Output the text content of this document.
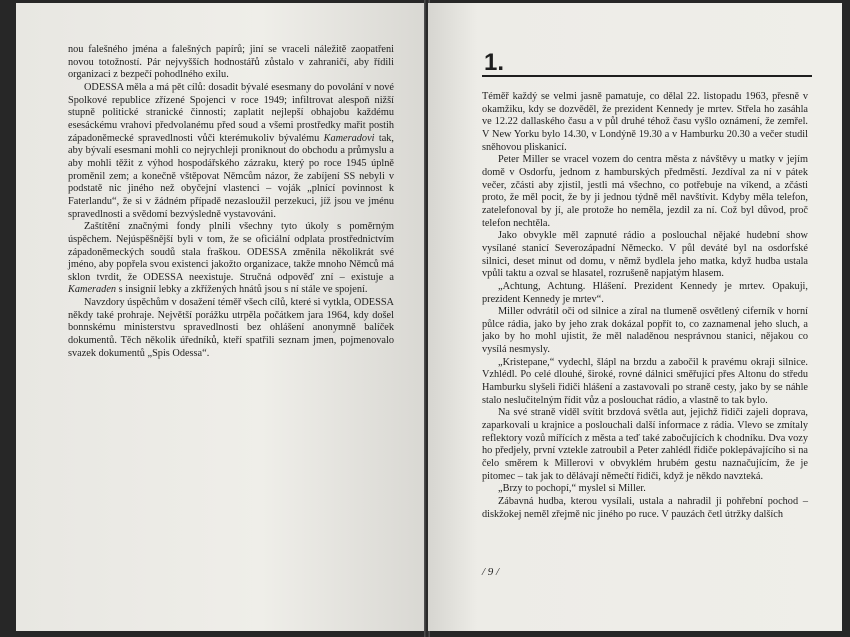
nou falešného jména a falešných papírů; jiní se vraceli náležitě zaopatřeni novou totožností. Pár nejvyšších hodnostářů zůstalo v zahraničí, aby řídili organizaci z bezpečí pohodlného exilu.

ODESSA měla a má pět cílů: dosadit bývalé esesmany do povolání v nové Spolkové republice zřízené Spojenci v roce 1949; infiltrovat alespoň nižší stupně politické stranické činnosti; zaplatit nejlepší obhajobu každému esesáckému vrahovi předvolanému před soud a všemi prostředky mařit postih západoněmecké spravedlnosti vůči kterémukoliv bývalému Kameradovi tak, aby bývalí esesmani mohli co nejrychleji proniknout do obchodu a průmyslu a aby mohli těžit z výhod hospodářského zázraku, který po roce 1945 úplně proměnil zem; a konečně vštěpovat Němcům názor, že zabíjení SS nebyli v podstatě nic jiného než obyčejní vlastenci – voják „plnící povinnost k Faterlandu“, že si v žádném případě nezasloužil perzekuci, jíž jsou ve jménu spravedlnosti a svědomí bezvýsledně vystavováni.

Zaštítění značnými fondy plnili všechny tyto úkoly s poměrným úspěchem. Nejúspěšnější byli v tom, že se oficiální odplata prostřednictvím západoněmeckých soudů stala fraškou. ODESSA změnila několikrát své jméno, aby popřela svou existenci jakožto organizace, takže mnoho Němců má sklon tvrdit, že ODESSA neexistuje. Stručná odpověď zní – existuje a Kameraden s insignií lebky a zkřížených hnátů jsou s ní stále ve spojení.

Navzdory úspěchům v dosažení téměř všech cílů, které si vytkla, ODESSA někdy také prohraje. Největší porážku utrpěla počátkem jara 1964, kdy došel bonnskému ministerstvu spravedlnosti bez ohlášení anonymně balíček dokumentů. Těch několik úředníků, kteří spatřili seznam jmen, pojmenovalo svazek dokumentů „Spis Odessa“.

1.

Téměř každý se velmi jasně pamatuje, co dělal 22. listopadu 1963, přesně v okamžiku, kdy se dozvěděl, že prezident Kennedy je mrtev. Střela ho zasáhla ve 12.22 dallaského času a v půl druhé téhož času vyšlo oznámení, že zemřel. V New Yorku bylo 14.30, v Londýně 19.30 a v Hamburku 20.30 a večer studil sněhovou pliskanicí.

Peter Miller se vracel vozem do centra města z návštěvy u matky v jejím domě v Osdorfu, jednom z hamburských předměstí. Jezdíval za ní v pátek večer, zčásti aby zjistil, jestli má všechno, co potřebuje na víkend, a zčásti proto, že měl pocit, že by ji jednou týdně měl navštívit. Kdyby měla telefon, zatelefonoval by jí, ale protože ho neměla, jezdil za ní. Což byl důvod, proč telefon nechtěla.

Jako obvykle měl zapnuté rádio a poslouchal nějaké hudební show vysílané stanicí Severozápadní Německo. V půl deváté byl na osdorfské silnici, deset minut od domu, v němž bydlela jeho matka, když hudba ustala vpůli taktu a ozval se hlasatel, rozrušeně napjatým hlasem.

„Achtung, Achtung. Hlášení. Prezident Kennedy je mrtev. Opakuji, prezident Kennedy je mrtev“.

Miller odvrátil oči od silnice a zíral na tlumeně osvětlený ciferník v horní půlce rádia, jako by jeho zrak dokázal popřít to, co zaznamenal jeho sluch, a jako by ho mohl ujistit, že měl naladěnou nesprávnou stanici, nějakou co vysílá nesmysly.

„Kristepane,“ vydechl, šlápl na brzdu a zabočil k pravému okraji silnice. Vzhlédl. Po celé dlouhé, široké, rovné dálnici směřující přes Altonu do středu Hamburku slyšeli řidiči hlášení a zastavovali po straně cesty, jako by se náhle stalo neslučitelným řídit vůz a poslouchat rádio, a vlastně to tak bylo.

Na své straně viděl svítit brzdová světla aut, jejichž řidiči zajeli doprava, zaparkovali u krajnice a poslouchali další informace z rádia. Vlevo se zmítaly reflektory vozů mířících z města a teď také zabočujících k chodníku. Dva vozy ho předjely, první vztekle zatroubil a Peter zahlédl řidiče poklepávajícího si na čelo směrem k Millerovi v obvyklém hrubém gestu naznačujícím, že je pitomec – tak jak to dělávají němečtí řidiči, když je někdo navzteká.

„Brzy to pochopí,“ myslel si Miller.

Zábavná hudba, kterou vysílali, ustala a nahradil ji pohřební pochod – diskžokej neměl zřejmě nic jiného po ruce. V pauzách četl útržky dalších

/ 9 /
